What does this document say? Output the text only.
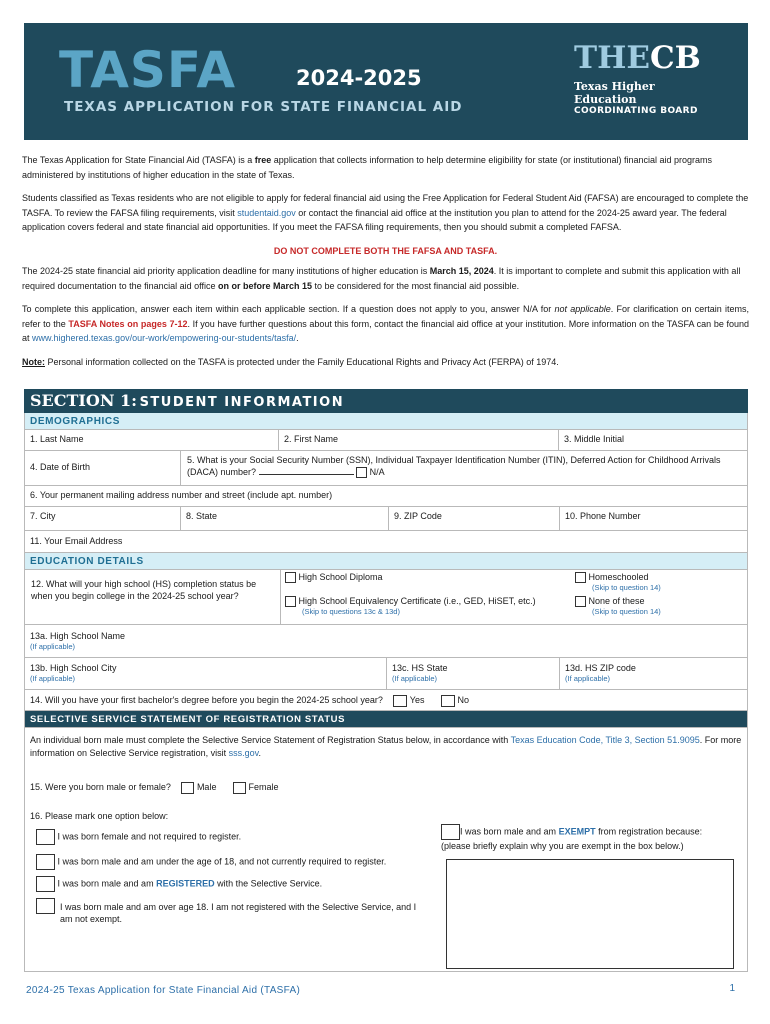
TASFA	2024-2025
TEXAS APPLICATION FOR STATE FINANCIAL AID
THECB
Texas Higher Education
COORDINATING BOARD

The Texas Application for State Financial Aid (TASFA) is a free application that collects information to help determine eligibility for state (or institutional) financial aid programs administered by institutions of higher education in the state of Texas.

Students classified as Texas residents who are not eligible to apply for federal financial aid using the Free Application for Federal Student Aid (FAFSA) are encouraged to complete the TASFA. To review the FAFSA filing requirements, visit studentaid.gov or contact the financial aid office at the institution you plan to attend for the 2024-25 award year. The federal application covers federal and state financial aid opportunities. If you meet the FAFSA filing requirements, then you should submit a completed FAFSA.

DO NOT COMPLETE BOTH THE FAFSA AND TASFA.

The 2024-25 state financial aid priority application deadline for many institutions of higher education is March 15, 2024. It is important to complete and submit this application with all required documentation to the financial aid office on or before March 15 to be considered for the most financial aid possible.

To complete this application, answer each item within each applicable section. If a question does not apply to you, answer N/A for not applicable. For clarification on certain items, refer to the TASFA Notes on pages 7-12. If you have further questions about this form, contact the financial aid office at your institution. More information on the TASFA can be found at www.highered.texas.gov/our-work/empowering-our-students/tasfa/.

Note: Personal information collected on the TASFA is protected under the Family Educational Rights and Privacy Act (FERPA) of 1974.

SECTION 1: STUDENT INFORMATION
DEMOGRAPHICS
1. Last Name	2. First Name	3. Middle Initial
4. Date of Birth
5. What is your Social Security Number (SSN), Individual Taxpayer Identification Number (ITIN), Deferred Action for Childhood Arrivals (DACA) number?	N/A
6. Your permanent mailing address number and street (include apt. number)
7. City	8. State	9. ZIP Code	10. Phone Number
11. Your Email Address
EDUCATION DETAILS
12. What will your high school (HS) completion status be when you begin college in the 2024-25 school year?
High School Diploma
High School Equivalency Certificate (i.e., GED, HiSET, etc.)
(Skip to questions 13c & 13d)
Homeschooled
(Skip to question 14)
None of these
(Skip to question 14)
13a. High School Name
(If applicable)
13b. High School City
(If applicable)
13c. HS State
(If applicable)
13d. HS ZIP code
(If applicable)
14. Will you have your first bachelor's degree before you begin the 2024-25 school year?	Yes	No
SELECTIVE SERVICE STATEMENT OF REGISTRATION STATUS

An individual born male must complete the Selective Service Statement of Registration Status below, in accordance with Texas Education Code, Title 3, Section 51.9095. For more information on Selective Service registration, visit sss.gov.

15. Were you born male or female?	Male	Female
16. Please mark one option below:
I was born female and not required to register.
I was born male and am under the age of 18, and not currently required to register.
I was born male and am REGISTERED with the Selective Service.
I was born male and am over age 18. I am not registered with the Selective Service, and I am not exempt.
I was born male and am EXEMPT from registration because:
(please briefly explain why you are exempt in the box below.)
2024-25 Texas Application for State Financial Aid (TASFA)	1
